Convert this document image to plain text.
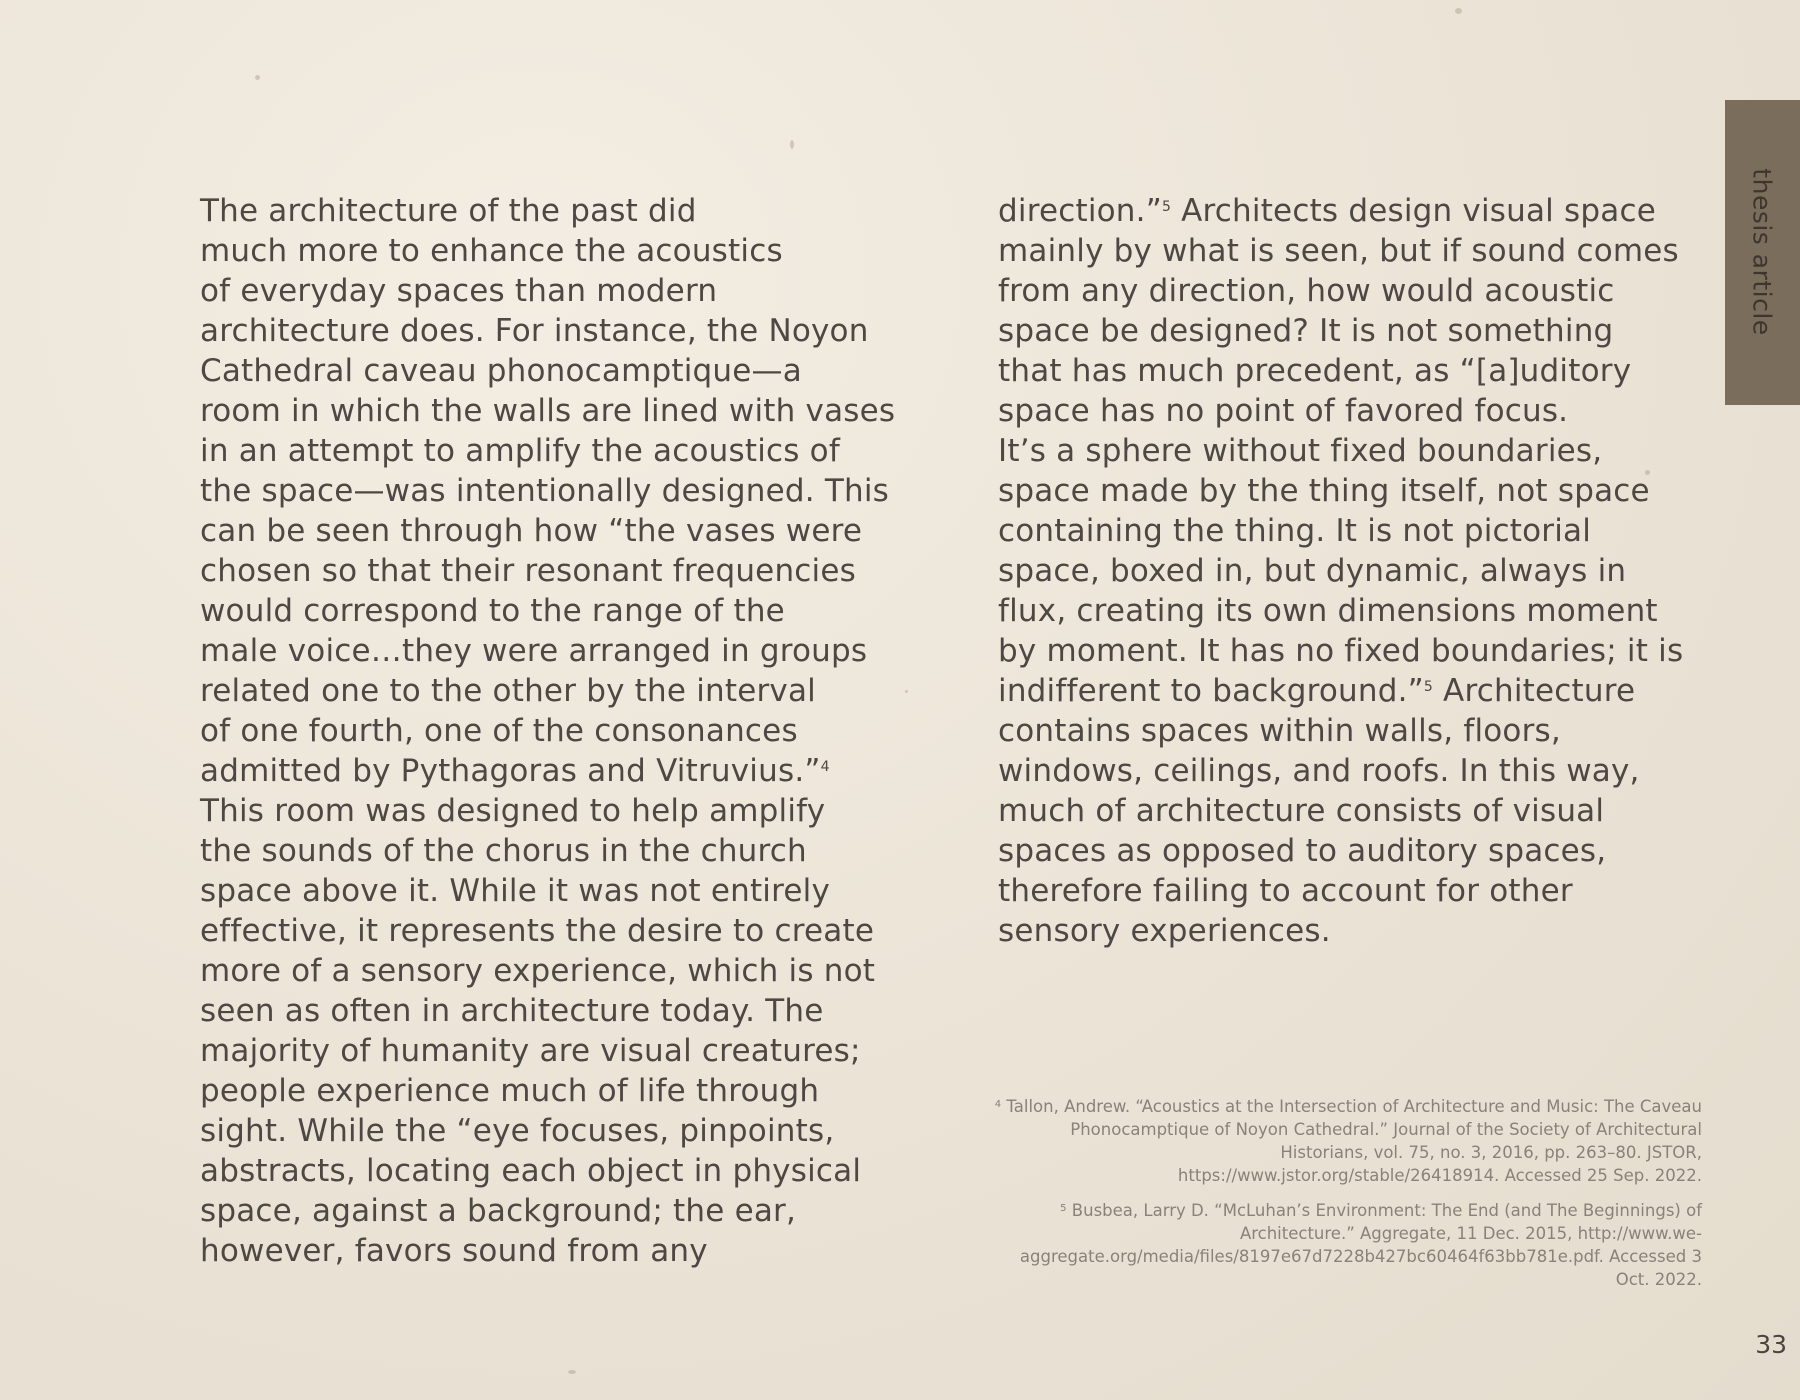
thesis article
The architecture of the past did
much more to enhance the acoustics
of everyday spaces than modern
architecture does. For instance, the Noyon
Cathedral caveau phonocamptique—a
room in which the walls are lined with vases
in an attempt to amplify the acoustics of
the space—was intentionally designed. This
can be seen through how “the vases were
chosen so that their resonant frequencies
would correspond to the range of the
male voice…they were arranged in groups
related one to the other by the interval
of one fourth, one of the consonances
admitted by Pythagoras and Vitruvius.”$^4$
This room was designed to help amplify
the sounds of the chorus in the church
space above it. While it was not entirely
effective, it represents the desire to create
more of a sensory experience, which is not
seen as often in architecture today. The
majority of humanity are visual creatures;
people experience much of life through
sight. While the “eye focuses, pinpoints,
abstracts, locating each object in physical
space, against a background; the ear,
however, favors sound from any
direction.”$^5$ Architects design visual space
mainly by what is seen, but if sound comes
from any direction, how would acoustic
space be designed? It is not something
that has much precedent, as “[a]uditory
space has no point of favored focus.
It’s a sphere without fixed boundaries,
space made by the thing itself, not space
containing the thing. It is not pictorial
space, boxed in, but dynamic, always in
flux, creating its own dimensions moment
by moment. It has no fixed boundaries; it is
indifferent to background.”$^5$ Architecture
contains spaces within walls, floors,
windows, ceilings, and roofs. In this way,
much of architecture consists of visual
spaces as opposed to auditory spaces,
therefore failing to account for other
sensory experiences.

$^4$ Tallon, Andrew. “Acoustics at the Intersection of Architecture and Music: The Caveau Phonocamptique of Noyon Cathedral.” Journal of the Society of Architectural Historians, vol. 75, no. 3, 2016, pp. 263–80. JSTOR, https://www.jstor.org/stable/26418914. Accessed 25 Sep. 2022.

$^5$ Busbea, Larry D. “McLuhan’s Environment: The End (and The Beginnings) of Architecture.” Aggregate, 11 Dec. 2015, http://www.we-aggregate.org/media/files/8197e67d7228b427bc60464f63bb781e.pdf. Accessed 3 Oct. 2022.

33
